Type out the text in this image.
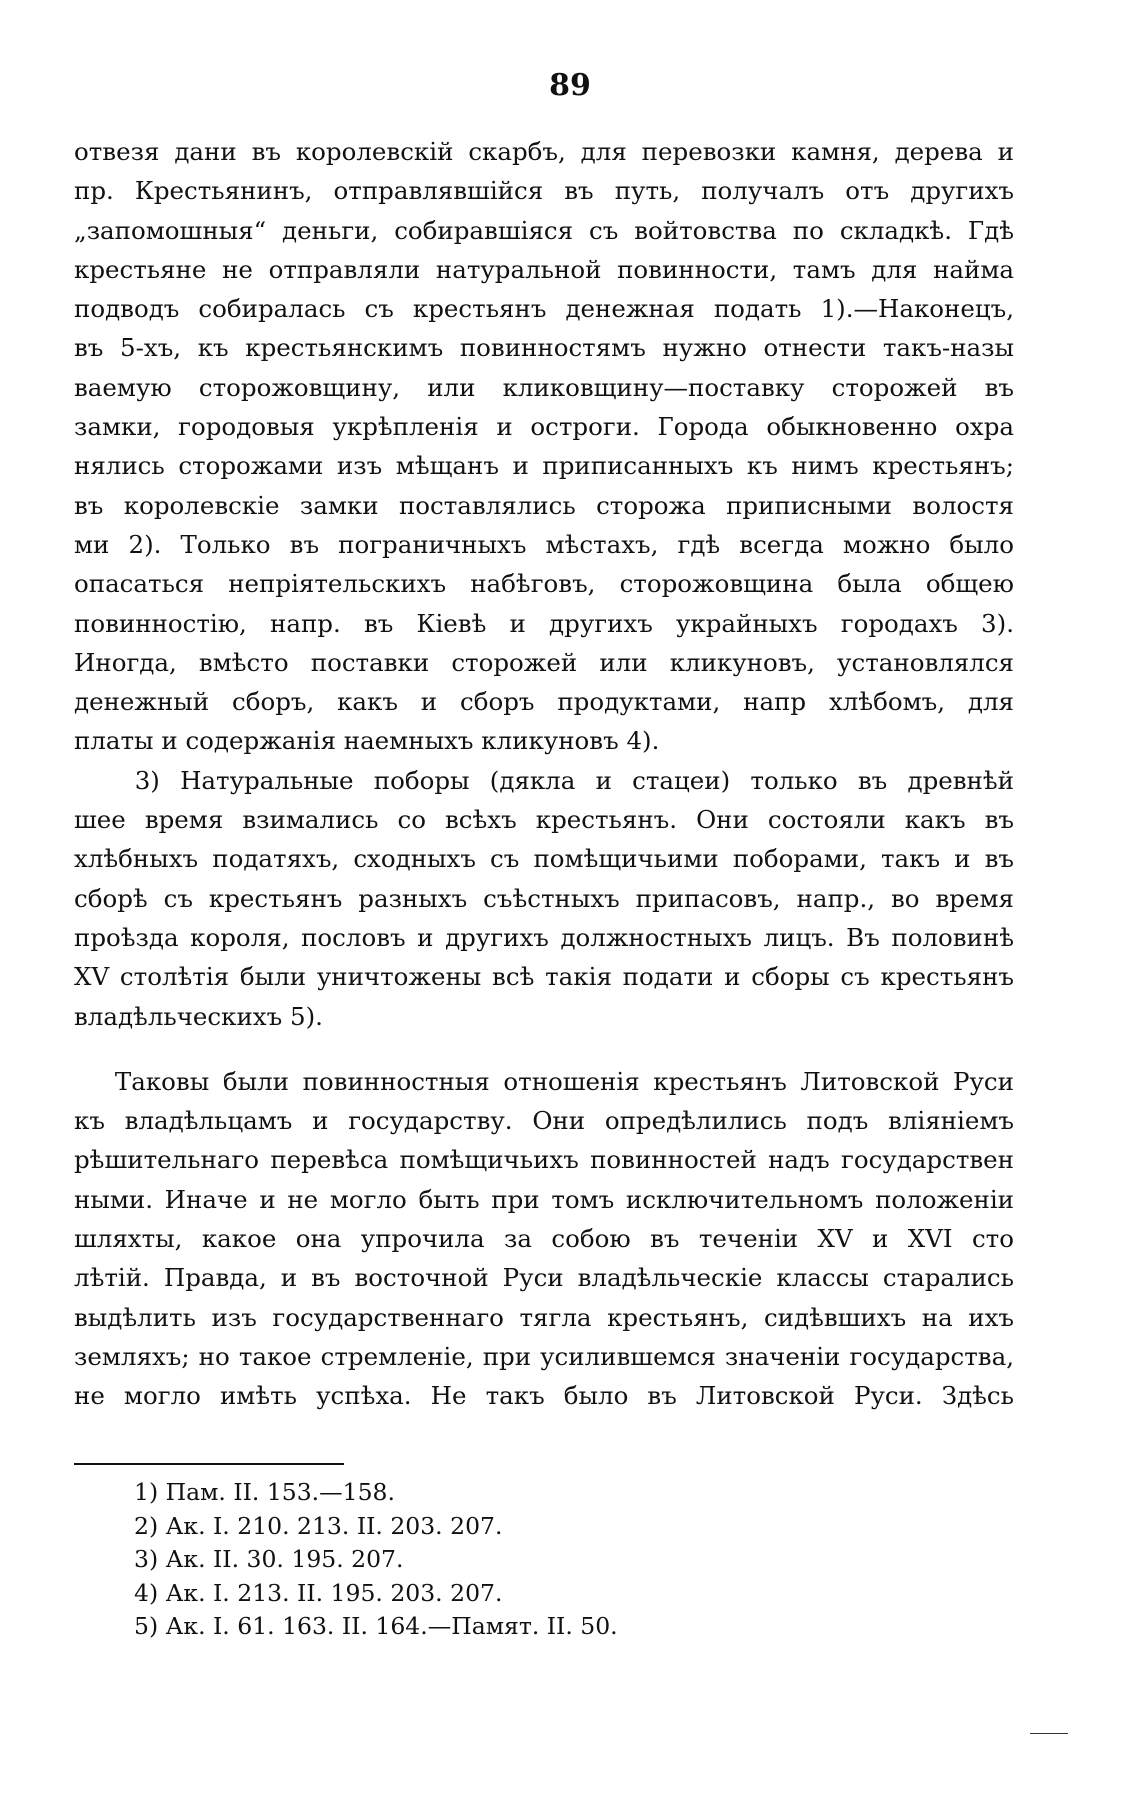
89
отвезя дани въ королевскій скарбъ, для перевозки камня, дерева и
пр. Крестьянинъ, отправлявшійся въ путь, получалъ отъ другихъ
„запомошныя“ деньги, собиравшіяся съ войтовства по складкѣ. Гдѣ
крестьяне не отправляли натуральной повинности, тамъ для найма
подводъ собиралась съ крестьянъ денежная подать 1).—Наконецъ,
въ 5-хъ, къ крестьянскимъ повинностямъ нужно отнести такъ-назы
ваемую сторожовщину, или кликовщину—поставку сторожей въ
замки, городовыя укрѣпленія и остроги. Города обыкновенно охра
нялись сторожами изъ мѣщанъ и приписанныхъ къ нимъ крестьянъ;
въ королевскіе замки поставлялись сторожа приписными волостя
ми 2). Только въ пограничныхъ мѣстахъ, гдѣ всегда можно было
опасаться непріятельскихъ набѣговъ, сторожовщина была общею
повинностію, напр. въ Кіевѣ и другихъ украйныхъ городахъ 3).
Иногда, вмѣсто поставки сторожей или кликуновъ, установлялся
денежный сборъ, какъ и сборъ продуктами, напр хлѣбомъ, для
платы и содержанія наемныхъ кликуновъ 4).
3) Натуральные поборы (дякла и стацеи) только въ древнѣй
шее время взимались со всѣхъ крестьянъ. Они состояли какъ въ
хлѣбныхъ податяхъ, сходныхъ съ помѣщичьими поборами, такъ и въ
сборѣ съ крестьянъ разныхъ съѣстныхъ припасовъ, напр., во время
проѣзда короля, пословъ и другихъ должностныхъ лицъ. Въ половинѣ
XV столѣтія были уничтожены всѣ такія подати и сборы съ крестьянъ
владѣльческихъ 5).
Таковы были повинностныя отношенія крестьянъ Литовской Руси
къ владѣльцамъ и государству. Они опредѣлились подъ вліяніемъ
рѣшительнаго перевѣса помѣщичьихъ повинностей надъ государствен
ными. Иначе и не могло быть при томъ исключительномъ положеніи
шляхты, какое она упрочила за собою въ теченіи XV и XVI сто
лѣтій. Правда, и въ восточной Руси владѣльческіе классы старались
выдѣлить изъ государственнаго тягла крестьянъ, сидѣвшихъ на ихъ
земляхъ; но такое стремленіе, при усилившемся значеніи государства,
не могло имѣть успѣха. Не такъ было въ Литовской Руси. Здѣсь
1) Пам. II. 153.—158.
2) Ак. I. 210. 213. II. 203. 207.
3) Ак. II. 30. 195. 207.
4) Ак. I. 213. II. 195. 203. 207.
5) Ак. I. 61. 163. II. 164.—Памят. II. 50.
